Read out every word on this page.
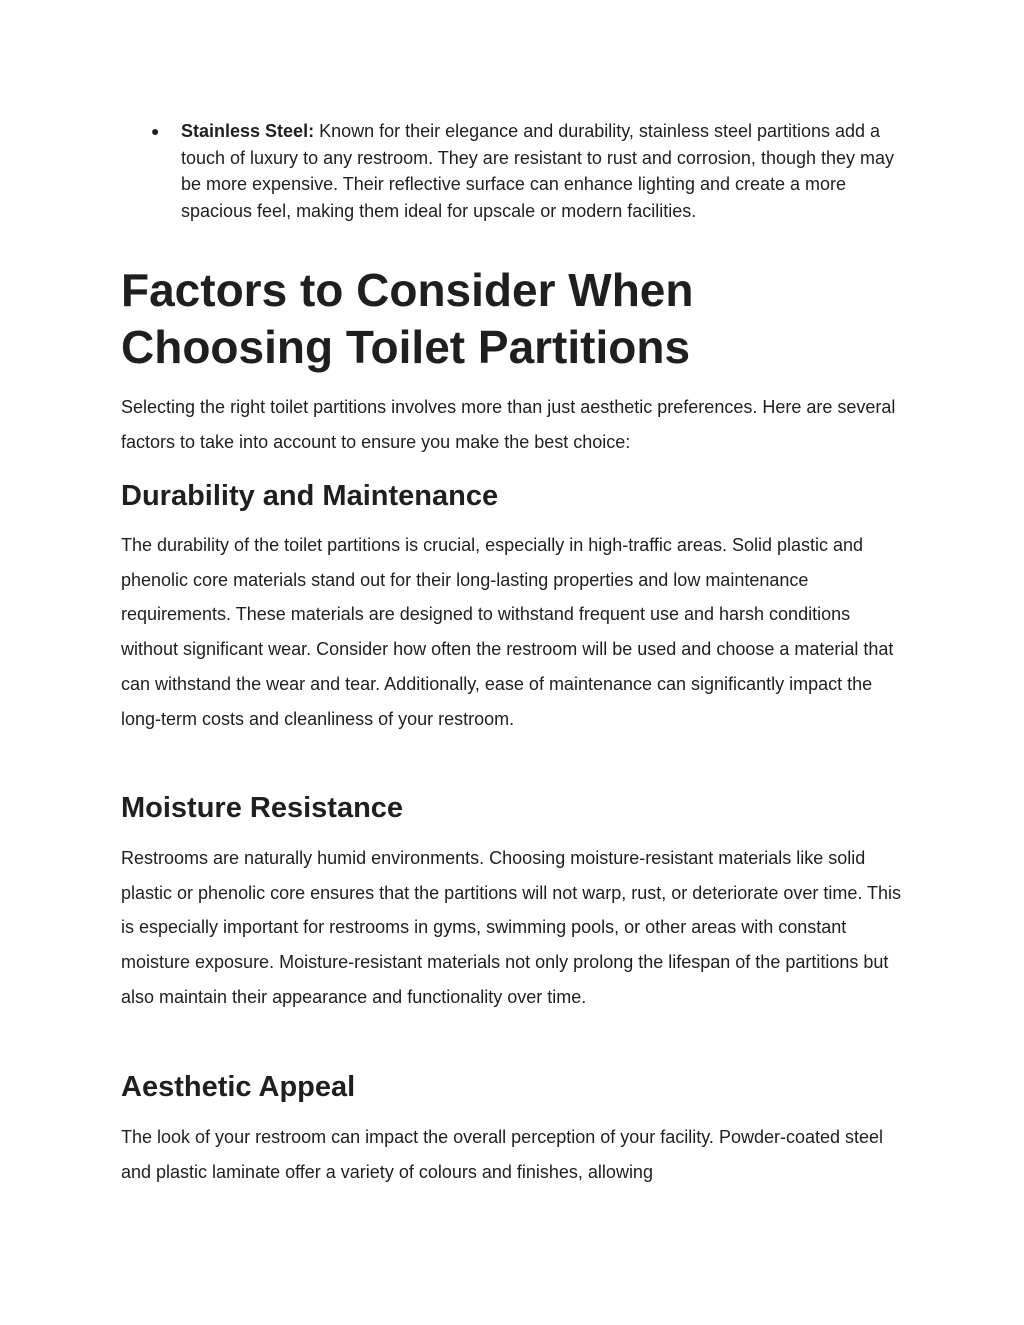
● Stainless Steel: Known for their elegance and durability, stainless steel partitions add a touch of luxury to any restroom. They are resistant to rust and corrosion, though they may be more expensive. Their reflective surface can enhance lighting and create a more spacious feel, making them ideal for upscale or modern facilities.
Factors to Consider When Choosing Toilet Partitions

Selecting the right toilet partitions involves more than just aesthetic preferences. Here are several factors to take into account to ensure you make the best choice:

Durability and Maintenance

The durability of the toilet partitions is crucial, especially in high-traffic areas. Solid plastic and phenolic core materials stand out for their long-lasting properties and low maintenance requirements. These materials are designed to withstand frequent use and harsh conditions without significant wear. Consider how often the restroom will be used and choose a material that can withstand the wear and tear. Additionally, ease of maintenance can significantly impact the long-term costs and cleanliness of your restroom.

Moisture Resistance

Restrooms are naturally humid environments. Choosing moisture-resistant materials like solid plastic or phenolic core ensures that the partitions will not warp, rust, or deteriorate over time. This is especially important for restrooms in gyms, swimming pools, or other areas with constant moisture exposure. Moisture-resistant materials not only prolong the lifespan of the partitions but also maintain their appearance and functionality over time.

Aesthetic Appeal

The look of your restroom can impact the overall perception of your facility. Powder-coated steel and plastic laminate offer a variety of colours and finishes, allowing
